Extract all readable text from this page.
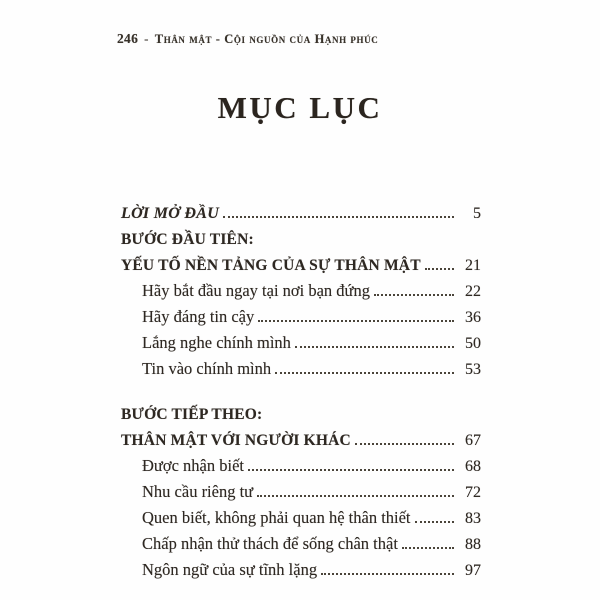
246 - Thân mật - Cội nguồn của Hạnh phúc
MỤC LỤC
LỜI MỞ ĐẦU	5
BƯỚC ĐẦU TIÊN:
YẾU TỐ NỀN TẢNG CỦA SỰ THÂN MẬT	21
Hãy bắt đầu ngay tại nơi bạn đứng	22
Hãy đáng tin cậy	36
Lắng nghe chính mình	50
Tin vào chính mình	53
BƯỚC TIẾP THEO:
THÂN MẬT VỚI NGƯỜI KHÁC	67
Được nhận biết	68
Nhu cầu riêng tư	72
Quen biết, không phải quan hệ thân thiết	83
Chấp nhận thử thách để sống chân thật	88
Ngôn ngữ của sự tĩnh lặng	97
